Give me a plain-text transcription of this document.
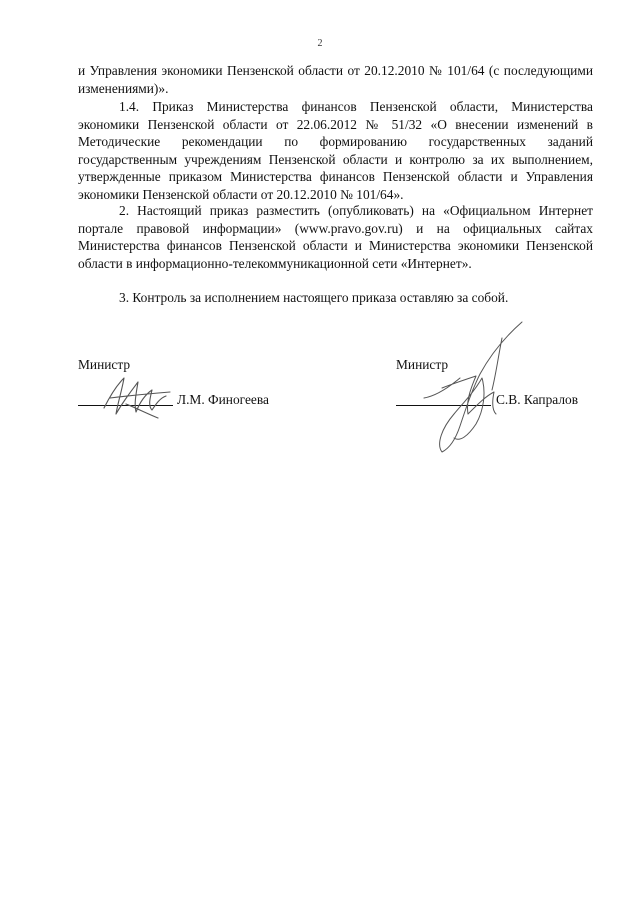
2

и Управления экономики Пензенской области от 20.12.2010 № 101/64 (с последующими изменениями)».

1.4. Приказ Министерства финансов Пензенской области, Министерства экономики Пензенской области от 22.06.2012 № 51/32 «О внесении изменений в Методические рекомендации по формированию государственных заданий государственным учреждениям Пензенской области и контролю за их выполнением, утвержденные приказом Министерства финансов Пензенской области и Управления экономики Пензенской области от 20.12.2010 № 101/64».

2. Настоящий приказ разместить (опубликовать) на «Официальном Интернет портале правовой информации» (www.pravo.gov.ru) и на официальных сайтах Министерства финансов Пензенской области и Министерства экономики Пензенской области в информационно-телекоммуникационной сети «Интернет».

3. Контроль за исполнением настоящего приказа оставляю за собой.

Министр
Л.М. Финогеева
Министр
С.В. Капралов
